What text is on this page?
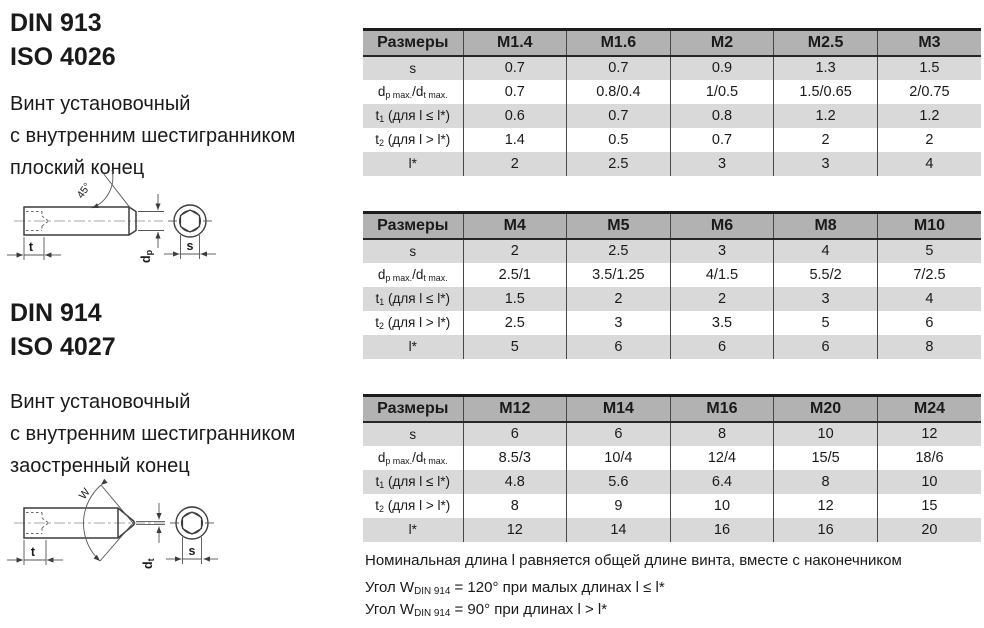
DIN 913
ISO 4026
Винт установочный
с внутренним шестигранником
плоский конец
t	s
dp
45°
DIN 914
ISO 4027
Винт установочный
с внутренним шестигранником
заостренный конец
t	s
dt
W
Размеры	M1.4	M1.6	M2	M2.5	M3
s	0.7	0.7	0.9	1.3	1.5
dp max./dt max.	0.7	0.8/0.4	1/0.5	1.5/0.65	2/0.75
t1 (для l ≤ l*)	0.6	0.7	0.8	1.2	1.2
t2 (для l > l*)	1.4	0.5	0.7	2	2
l*	2	2.5	3	3	4
Размеры	M4	M5	M6	M8	M10
s	2	2.5	3	4	5
dp max./dt max.	2.5/1	3.5/1.25	4/1.5	5.5/2	7/2.5
t1 (для l ≤ l*)	1.5	2	2	3	4
t2 (для l > l*)	2.5	3	3.5	5	6
l*	5	6	6	6	8
Размеры	M12	M14	M16	M20	M24
s	6	6	8	10	12
dp max./dt max.	8.5/3	10/4	12/4	15/5	18/6
t1 (для l ≤ l*)	4.8	5.6	6.4	8	10
t2 (для l > l*)	8	9	10	12	15
l*	12	14	16	16	20
Номинальная длина l равняется общей длине винта, вместе с наконечником
Угол WDIN 914 = 120° при малых длинах l ≤ l*
Угол WDIN 914 = 90° при длинах l > l*
